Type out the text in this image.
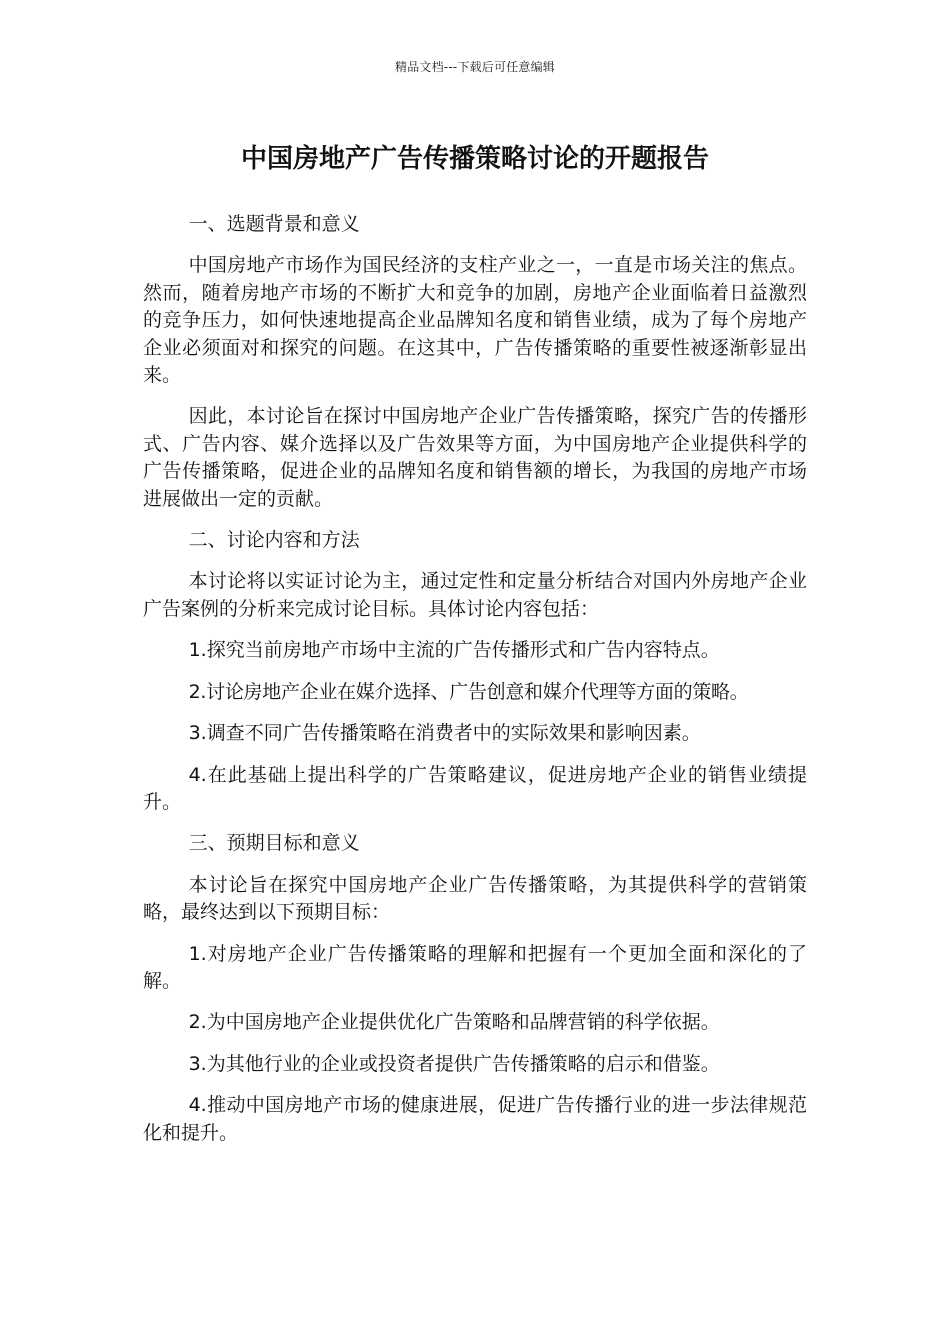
精品文档---下载后可任意编辑
中国房地产广告传播策略讨论的开题报告

一、选题背景和意义

中国房地产市场作为国民经济的支柱产业之一，一直是市场关注的焦点。然而，随着房地产市场的不断扩大和竞争的加剧，房地产企业面临着日益激烈的竞争压力，如何快速地提高企业品牌知名度和销售业绩，成为了每个房地产企业必须面对和探究的问题。在这其中，广告传播策略的重要性被逐渐彰显出来。

因此，本讨论旨在探讨中国房地产企业广告传播策略，探究广告的传播形式、广告内容、媒介选择以及广告效果等方面，为中国房地产企业提供科学的广告传播策略，促进企业的品牌知名度和销售额的增长，为我国的房地产市场进展做出一定的贡献。

二、讨论内容和方法

本讨论将以实证讨论为主，通过定性和定量分析结合对国内外房地产企业广告案例的分析来完成讨论目标。具体讨论内容包括：

1.探究当前房地产市场中主流的广告传播形式和广告内容特点。

2.讨论房地产企业在媒介选择、广告创意和媒介代理等方面的策略。

3.调查不同广告传播策略在消费者中的实际效果和影响因素。

4.在此基础上提出科学的广告策略建议，促进房地产企业的销售业绩提升。

三、预期目标和意义

本讨论旨在探究中国房地产企业广告传播策略，为其提供科学的营销策略，最终达到以下预期目标：

1.对房地产企业广告传播策略的理解和把握有一个更加全面和深化的了解。

2.为中国房地产企业提供优化广告策略和品牌营销的科学依据。

3.为其他行业的企业或投资者提供广告传播策略的启示和借鉴。

4.推动中国房地产市场的健康进展，促进广告传播行业的进一步法律规范化和提升。
